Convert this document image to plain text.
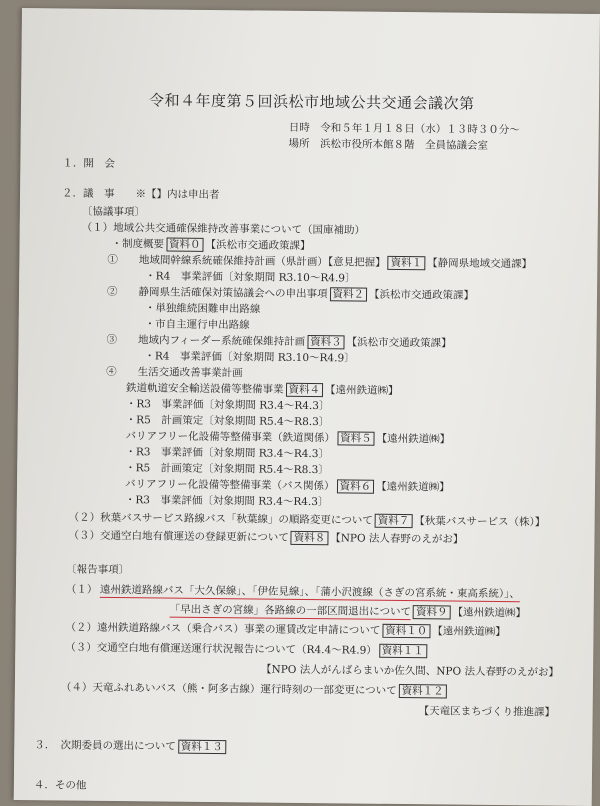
令和４年度第５回浜松市地域公共交通会議次第
日時　令和５年１月１８日（水）１３時３０分～
場所　浜松市役所本館８階　全員協議会室
１．開　会
２．議　事　　※【】内は申出者
〔協議事項〕
（１）地域公共交通確保維持改善事業について（国庫補助）
・制度概要 資料０ 【浜松市交通政策課】
①　　地域間幹線系統確保維持計画（県計画）【意見把握】 資料１ 【静岡県地域交通課】
・R4　事業評価〔対象期間 R3.10～R4.9〕
②　　静岡県生活確保対策協議会への申出事項 資料２ 【浜松市交通政策課】
・単独維続困難申出路線
・市自主運行申出路線
③　　地域内フィーダー系統確保維持計画 資料３ 【浜松市交通政策課】
・R4　事業評価〔対象期間 R3.10～R4.9〕
④　　生活交通改善事業計画
鉄道軌道安全輸送設備等整備事業 資料４ 【遠州鉄道㈱】
・R3　事業評価〔対象期間 R3.4～R4.3〕
・R5　計画策定〔対象期間 R5.4～R8.3〕
バリアフリー化設備等整備事業（鉄道関係） 資料５ 【遠州鉄道㈱】
・R3　事業評価〔対象期間 R3.4～R4.3〕
・R5　計画策定〔対象期間 R5.4～R8.3〕
バリアフリー化設備等整備事業（バス関係） 資料６ 【遠州鉄道㈱】
・R3　事業評価〔対象期間 R3.4～R4.3〕
（２）秋葉バスサービス路線バス「秋葉線」の順路変更について 資料７ 【秋葉バスサービス（株）】
（３）交通空白地有償運送の登録更新について 資料８ 【NPO 法人春野のえがお】
〔報告事項〕
（１） 遠州鉄道路線バス「大久保線」、「伊佐見線」、「蒲小沢渡線（さぎの宮系統・東高系統）」、
「早出さぎの宮線」各路線の一部区間退出について 資料９ 【遠州鉄道㈱】
（２）遠州鉄道路線バス（乗合バス）事業の運賃改定申請について 資料１０ 【遠州鉄道㈱】
（３）交通空白地有償運送運行状況報告について（R4.4～R4.9） 資料１１
【NPO 法人がんばらまいか佐久間、NPO 法人春野のえがお】
（４）天竜ふれあいバス（熊・阿多古線）運行時刻の一部変更について 資料１２
【天竜区まちづくり推進課】
３．　次期委員の選出について 資料１３
４．その他
